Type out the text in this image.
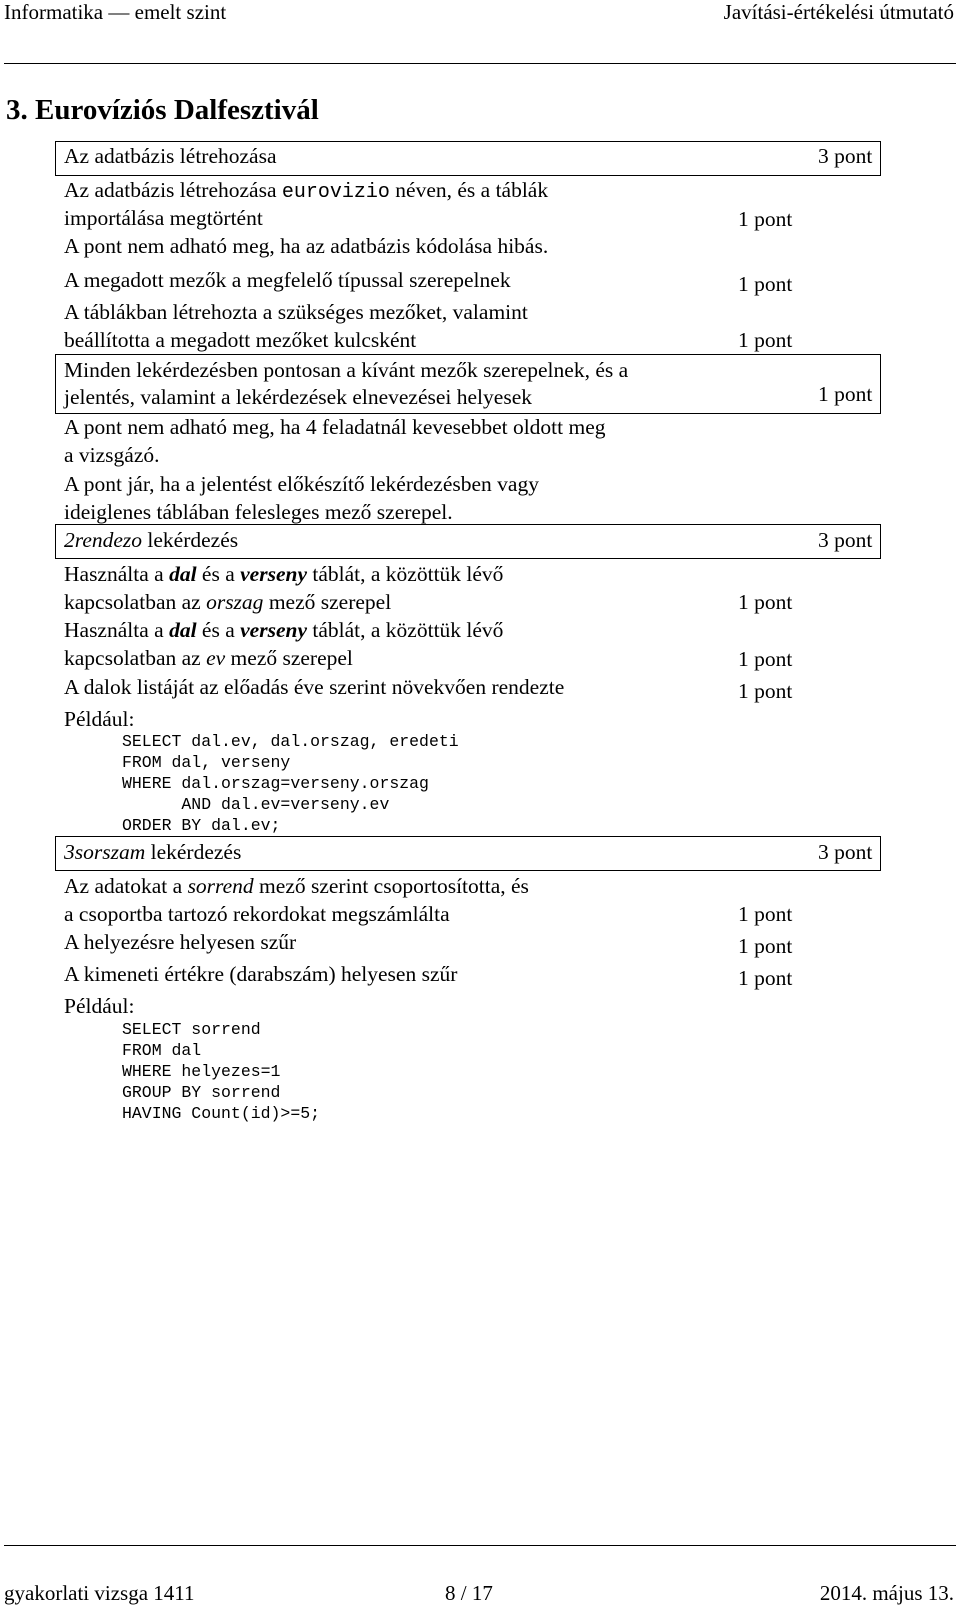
Informatika — emelt szint	Javítási-értékelési útmutató
3. Eurovíziós Dalfesztivál
Az adatbázis létrehozása	3 pont
Az adatbázis létrehozása eurovizio néven, és a táblák
importálása megtörtént	1 pont
A pont nem adható meg, ha az adatbázis kódolása hibás.
A megadott mezők a megfelelő típussal szerepelnek	1 pont
A táblákban létrehozta a szükséges mezőket, valamint
beállította a megadott mezőket kulcsként	1 pont
Minden lekérdezésben pontosan a kívánt mezők szerepelnek, és a
jelentés, valamint a lekérdezések elnevezései helyesek	1 pont
A pont nem adható meg, ha 4 feladatnál kevesebbet oldott meg
a vizsgázó.
A pont jár, ha a jelentést előkészítő lekérdezésben vagy
ideiglenes táblában felesleges mező szerepel.
2rendezo lekérdezés	3 pont
Használta a dal és a verseny táblát, a közöttük lévő
kapcsolatban az orszag mező szerepel	1 pont
Használta a dal és a verseny táblát, a közöttük lévő
kapcsolatban az ev mező szerepel	1 pont
A dalok listáját az előadás éve szerint növekvően rendezte	1 pont
Például:
SELECT dal.ev, dal.orszag, eredeti
FROM dal, verseny
WHERE dal.orszag=verseny.orszag
AND dal.ev=verseny.ev
ORDER BY dal.ev;
3sorszam lekérdezés	3 pont
Az adatokat a sorrend mező szerint csoportosította, és
a csoportba tartozó rekordokat megszámlálta	1 pont
A helyezésre helyesen szűr	1 pont
A kimeneti értékre (darabszám) helyesen szűr	1 pont
Például:
SELECT sorrend
FROM dal
WHERE helyezes=1
GROUP BY sorrend
HAVING Count(id)>=5;
gyakorlati vizsga 1411	8 / 17	2014. május 13.
